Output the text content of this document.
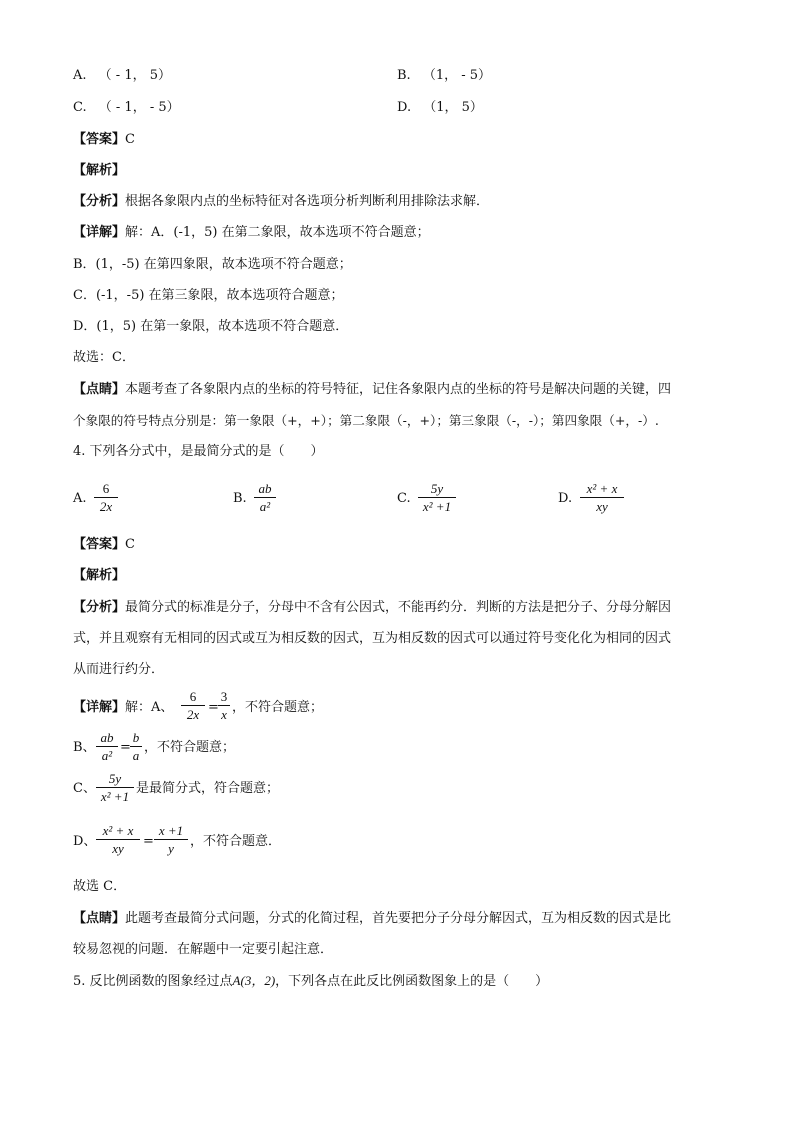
A. （ - 1， 5）	B. （1， - 5）
C. （ - 1， - 5）	D. （1， 5）
【答案】C
【解析】
【分析】根据各象限内点的坐标特征对各选项分析判断利用排除法求解．
【详解】解：A．(-1，5) 在第二象限，故本选项不符合题意；
B．(1，-5) 在第四象限，故本选项不符合题意；
C．(-1，-5) 在第三象限，故本选项符合题意；
D．(1，5) 在第一象限，故本选项不符合题意．
故选：C．
【点睛】本题考查了各象限内点的坐标的符号特征，记住各象限内点的坐标的符号是解决问题的关键，四
个象限的符号特点分别是：第一象限（+，+）；第二象限（-，+）；第三象限（-，-）；第四象限（+，-）.
4. 下列各分式中，是最简分式的是（　　）
A.
6
2x
B.
ab
a²
C.
5y
x² +1
D.
x² + x
xy
【答案】C
【解析】
【分析】最简分式的标准是分子，分母中不含有公因式，不能再约分．判断的方法是把分子、分母分解因
式，并且观察有无相同的因式或互为相反数的因式，互为相反数的因式可以通过符号变化化为相同的因式
从而进行约分．
【详解】解：A、
6
2x =
3
x ，不符合题意；
B、
ab
a²
=
b
a
，不符合题意；
C、
5y
x² +1
是最简分式，符合题意；
D、
x² + x
xy	=
x +1
y	，不符合题意．
故选 C．
【点睛】此题考查最简分式问题，分式的化简过程，首先要把分子分母分解因式，互为相反数的因式是比
较易忽视的问题．在解题中一定要引起注意．
5. 反比例函数的图象经过点A(3，2)，下列各点在此反比例函数图象上的是（　　）
